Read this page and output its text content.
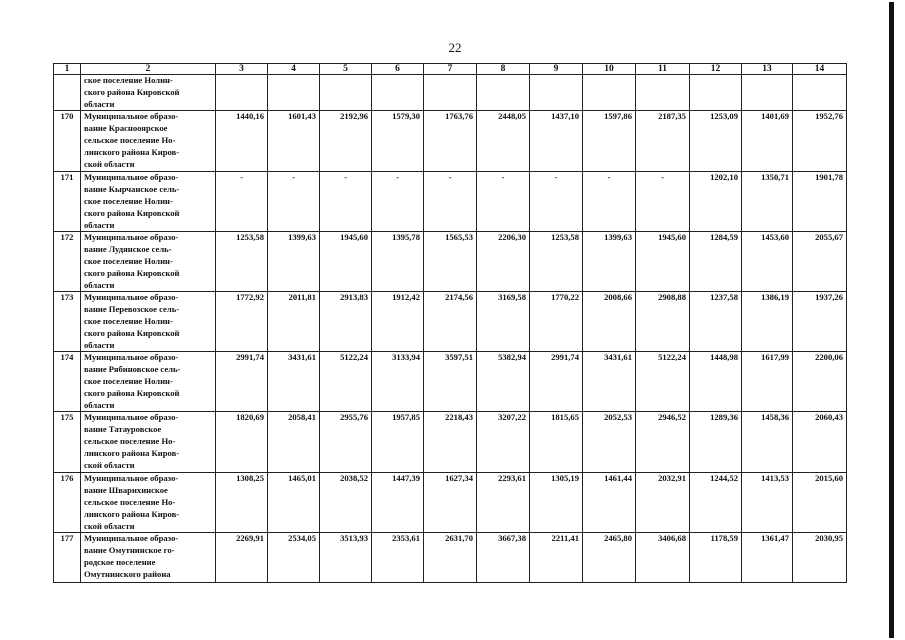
22
1	2	3	4	5	6	7	8	9	10	11	12	13	14

	ское поселение Нолин-
ского района Кировской
области												

170	Муниципальное образо-
вание Краснооярское
сельское поселение Но-
линского района Киров-
ской области	1440,16	1601,43	2192,96	1579,30	1763,76	2448,05	1437,10	1597,86	2187,35	1253,09	1401,69	1952,76
171	Муниципальное образо-
вание Кырчанское сель-
ское поселение Нолин-
ского района Кировской
области	-	-	-	-	-	-	-	-	-	1202,10	1350,71	1901,78
172	Муниципальное образо-
вание Лудянское сель-
ское поселение Нолин-
ского района Кировской
области	1253,58	1399,63	1945,60	1395,78	1565,53	2206,30	1253,58	1399,63	1945,60	1284,59	1453,60	2055,67
173	Муниципальное образо-
вание Перевозское сель-
ское поселение Нолин-
ского района Кировской
области	1772,92	2011,81	2913,83	1912,42	2174,56	3169,58	1770,22	2008,66	2908,88	1237,58	1386,19	1937,26
174	Муниципальное образо-
вание Рябиновское сель-
ское поселение Нолин-
ского района Кировской
области	2991,74	3431,61	5122,24	3133,94	3597,51	5382,94	2991,74	3431,61	5122,24	1448,98	1617,99	2200,06
175	Муниципальное образо-
вание Татауровское
сельское поселение Но-
линского района Киров-
ской области	1820,69	2058,41	2955,76	1957,85	2218,43	3207,22	1815,65	2052,53	2946,52	1289,36	1458,36	2060,43
176	Муниципальное образо-
вание Шварихинское
сельское поселение Но-
линского района Киров-
ской области	1308,25	1465,01	2038,52	1447,39	1627,34	2293,61	1305,19	1461,44	2032,91	1244,52	1413,53	2015,60
177	Муниципальное образо-
вание Омутнинское го-
родское поселение
Омутнинского района	2269,91	2534,05	3513,93	2353,61	2631,70	3667,38	2211,41	2465,80	3406,68	1178,59	1361,47	2030,95
